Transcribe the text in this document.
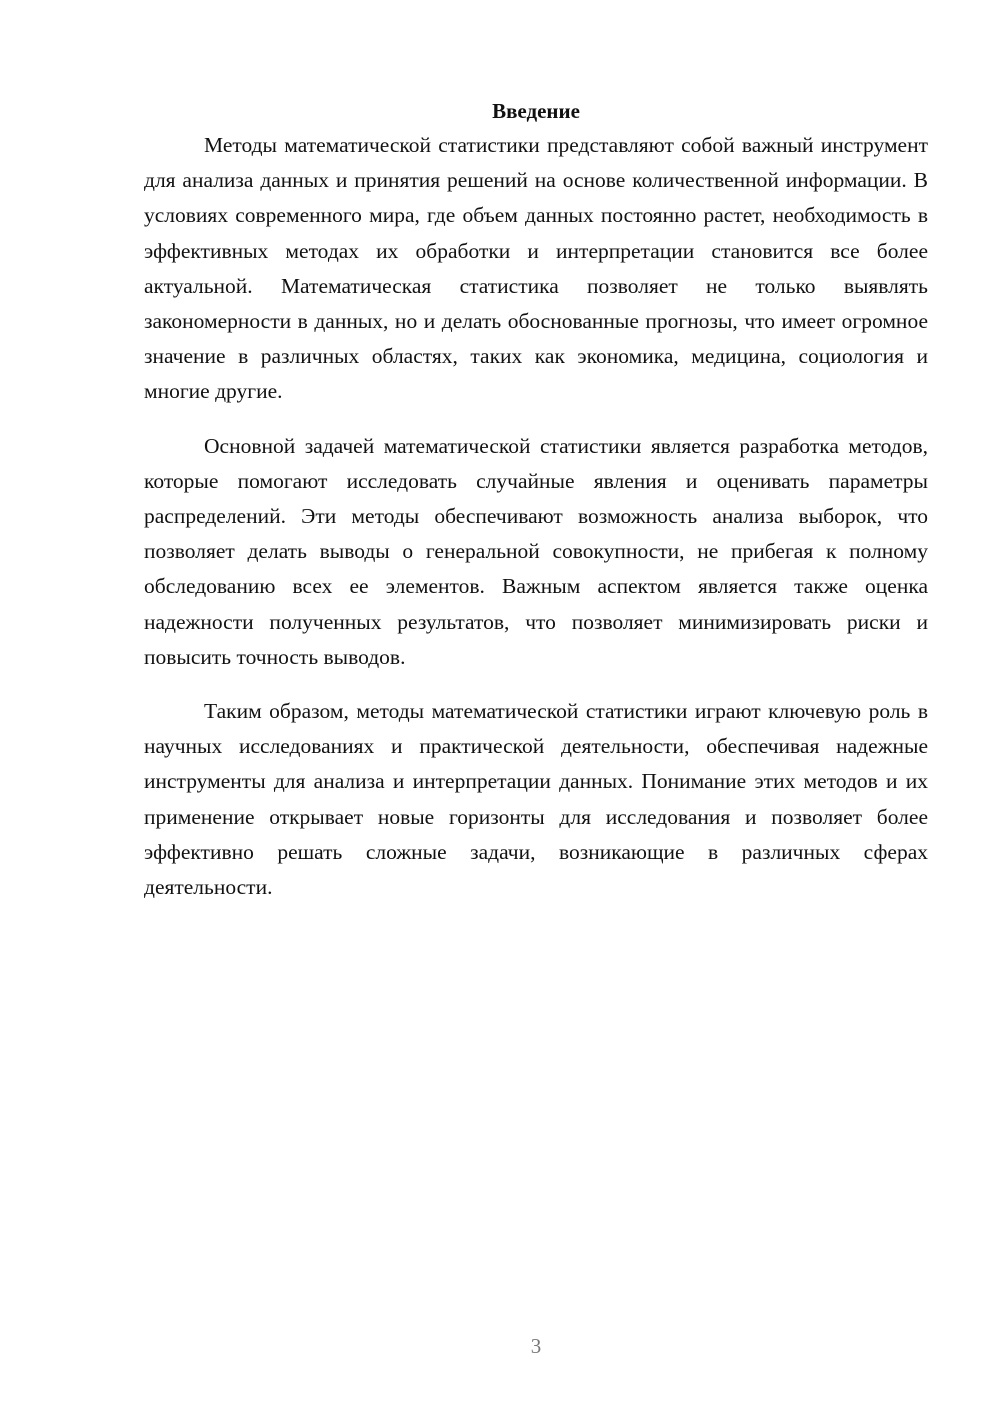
Введение

Методы математической статистики представляют собой важный инструмент для анализа данных и принятия решений на основе количественной информации. В условиях современного мира, где объем данных постоянно растет, необходимость в эффективных методах их обработки и интерпретации становится все более актуальной. Математическая статистика позволяет не только выявлять закономерности в данных, но и делать обоснованные прогнозы, что имеет огромное значение в различных областях, таких как экономика, медицина, социология и многие другие.

Основной задачей математической статистики является разработка методов, которые помогают исследовать случайные явления и оценивать параметры распределений. Эти методы обеспечивают возможность анализа выборок, что позволяет делать выводы о генеральной совокупности, не прибегая к полному обследованию всех ее элементов. Важным аспектом является также оценка надежности полученных результатов, что позволяет минимизировать риски и повысить точность выводов.

Таким образом, методы математической статистики играют ключевую роль в научных исследованиях и практической деятельности, обеспечивая надежные инструменты для анализа и интерпретации данных. Понимание этих методов и их применение открывает новые горизонты для исследования и позволяет более эффективно решать сложные задачи, возникающие в различных сферах деятельности.

3
